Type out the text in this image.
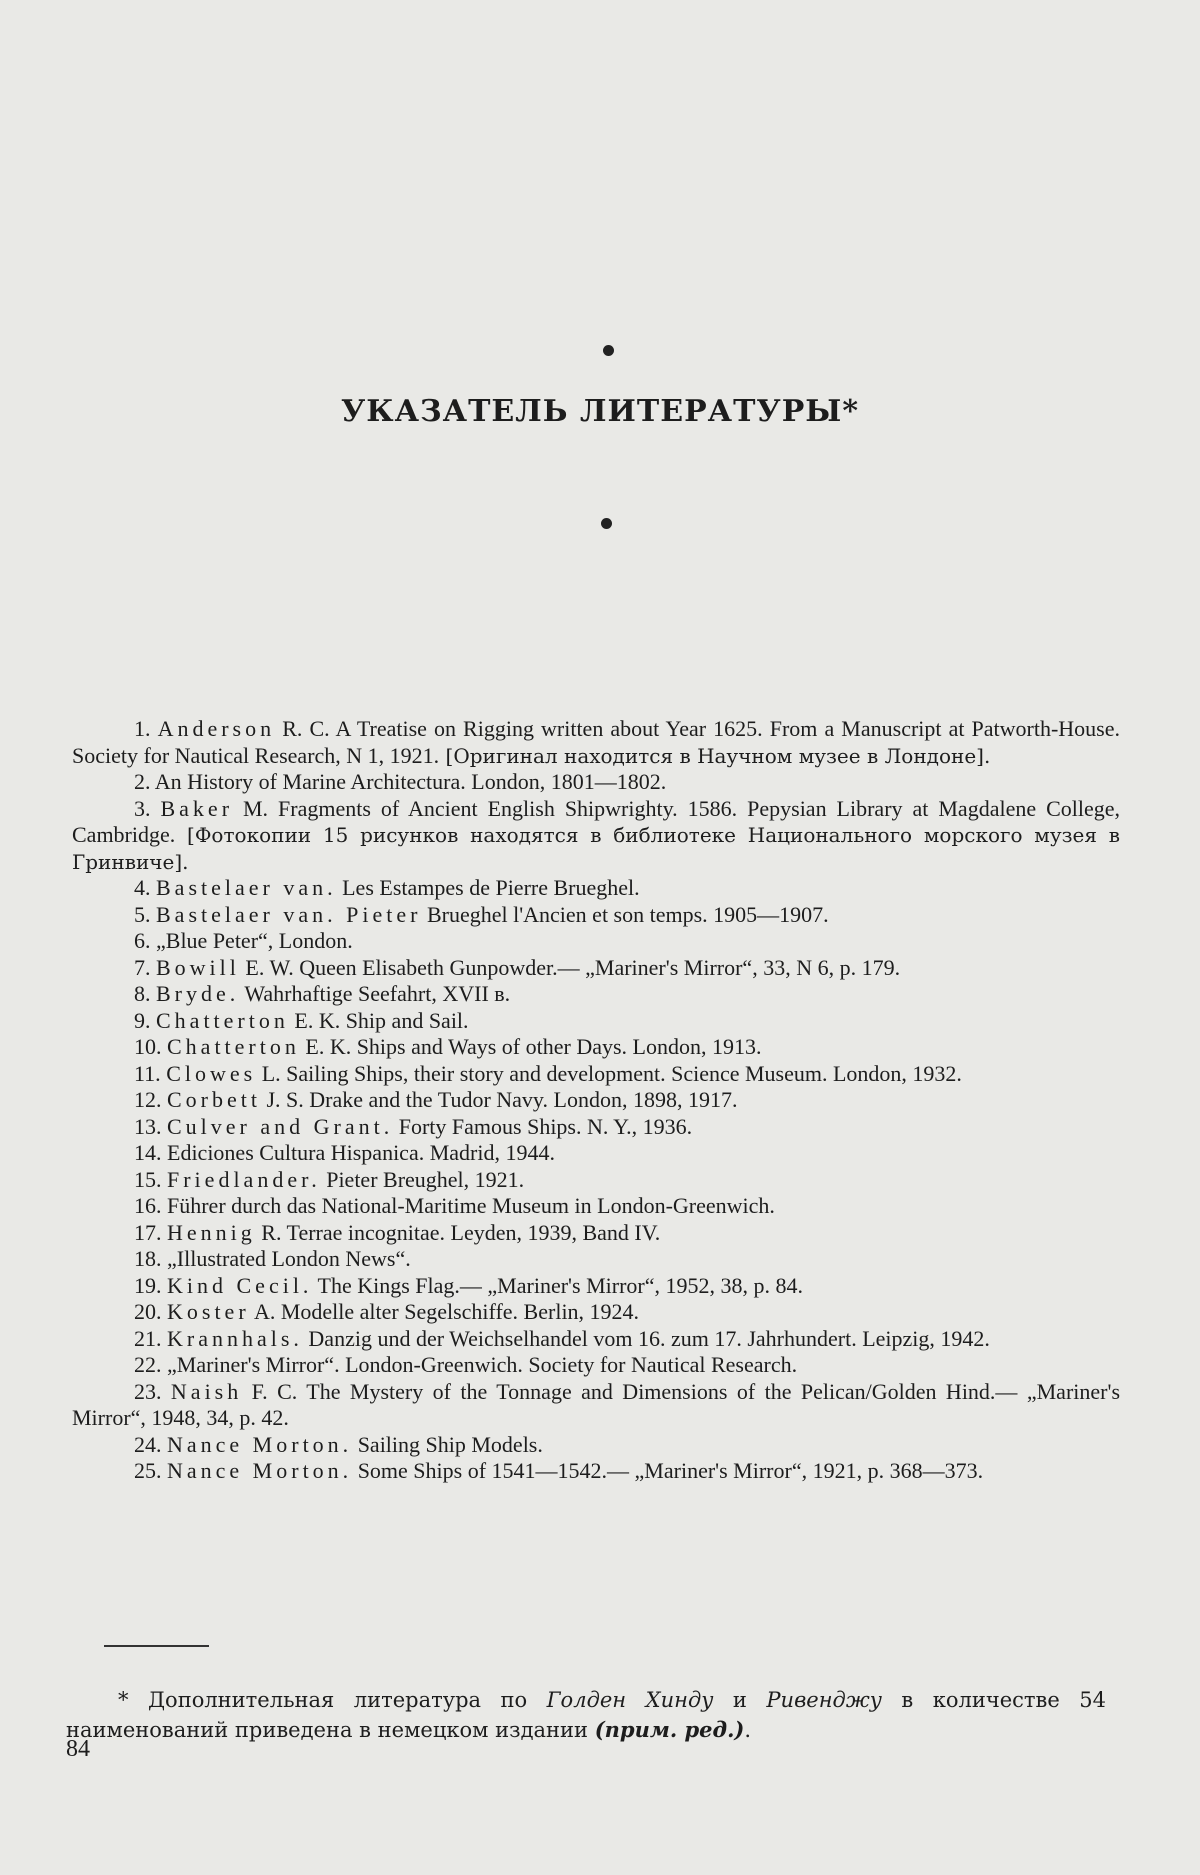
УКАЗАТЕЛЬ ЛИТЕРАТУРЫ*

1. Anderson R. C. A Treatise on Rigging written about Year 1625. From a Manuscript at Patworth-House. Society for Nautical Research, N 1, 1921. [Оригинал находится в Научном музее в Лондоне].

2. An History of Marine Architectura. London, 1801—1802.

3. Baker M. Fragments of Ancient English Shipwrighty. 1586. Pepysian Library at Magdalene College, Cambridge. [Фотокопии 15 рисунков находятся в библиотеке Национального морского музея в Гринвиче].

4. Bastelaer van. Les Estampes de Pierre Brueghel.

5. Bastelaer van. Pieter Brueghel l'Ancien et son temps. 1905—1907.

6. „Blue Peter“, London.

7. Bowill E. W. Queen Elisabeth Gunpowder.— „Mariner's Mirror“, 33, N 6, p. 179.

8. Bryde. Wahrhaftige Seefahrt, XVII в.

9. Chatterton E. K. Ship and Sail.

10. Chatterton E. K. Ships and Ways of other Days. London, 1913.

11. Clowes L. Sailing Ships, their story and development. Science Museum. London, 1932.

12. Corbett J. S. Drake and the Tudor Navy. London, 1898, 1917.

13. Culver and Grant. Forty Famous Ships. N. Y., 1936.

14. Ediciones Cultura Hispanica. Madrid, 1944.

15. Friedlander. Pieter Breughel, 1921.

16. Führer durch das National-Maritime Museum in London-Greenwich.

17. Hennig R. Terrae incognitae. Leyden, 1939, Band IV.

18. „Illustrated London News“.

19. Kind Cecil. The Kings Flag.— „Mariner's Mirror“, 1952, 38, p. 84.

20. Koster A. Modelle alter Segelschiffe. Berlin, 1924.

21. Krannhals. Danzig und der Weichselhandel vom 16. zum 17. Jahrhundert. Leipzig, 1942.

22. „Mariner's Mirror“. London-Greenwich. Society for Nautical Research.

23. Naish F. C. The Mystery of the Tonnage and Dimensions of the Pelican/Golden Hind.— „Mariner's Mirror“, 1948, 34, p. 42.

24. Nance Morton. Sailing Ship Models.

25. Nance Morton. Some Ships of 1541—1542.— „Mariner's Mirror“, 1921, p. 368—373.

* Дополнительная литература по Голден Хинду и Ривенджу в количестве 54 наименований приведена в немецком издании (прим. ред.).

84
